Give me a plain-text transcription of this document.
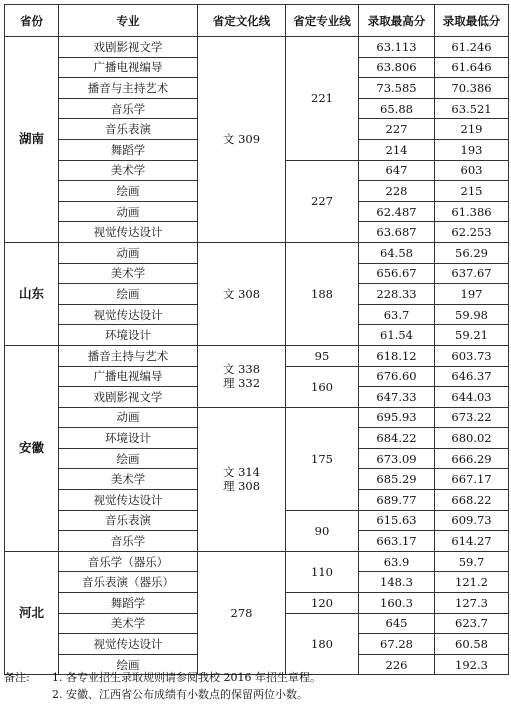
省份	专业	省定文化线	省定专业线	录取最高分	录取最低分
湖南	戏剧影视文学	文 309	221	63.113	61.246
	广播电视编导			63.806	61.646
	播音与主持艺术			73.585	70.386
	音乐学			65.88	63.521
	音乐表演			227	219
	舞蹈学			214	193
	美术学		227	647	603
	绘画			228	215
	动画			62.487	61.386
	视觉传达设计			63.687	62.253
山东	动画	文 308	188	64.58	56.29
	美术学			656.67	637.67
	绘画			228.33	197
	视觉传达设计			63.7	59.98
	环境设计			61.54	59.21
安徽	播音主持与艺术	文 338
理 332	95	618.12	603.73
	广播电视编导		160	676.60	646.37
	戏剧影视文学			647.33	644.03
	动画	文 314
理 308	175	695.93	673.22
	环境设计			684.22	680.02
	绘画			673.09	666.29
	美术学			685.29	667.17
	视觉传达设计			689.77	668.22
	音乐表演		90	615.63	609.73
	音乐学			663.17	614.27
河北	音乐学（器乐）	278	110	63.9	59.7
	音乐表演（器乐）			148.3	121.2
	舞蹈学		120	160.3	127.3
	美术学		180	645	623.7
	视觉传达设计			67.28	60.58
	绘画			226	192.3
备注:	1. 各专业招生录取规则请参阅我校 2016 年招生章程。
2. 安徽、江西省公布成绩有小数点的保留两位小数。
